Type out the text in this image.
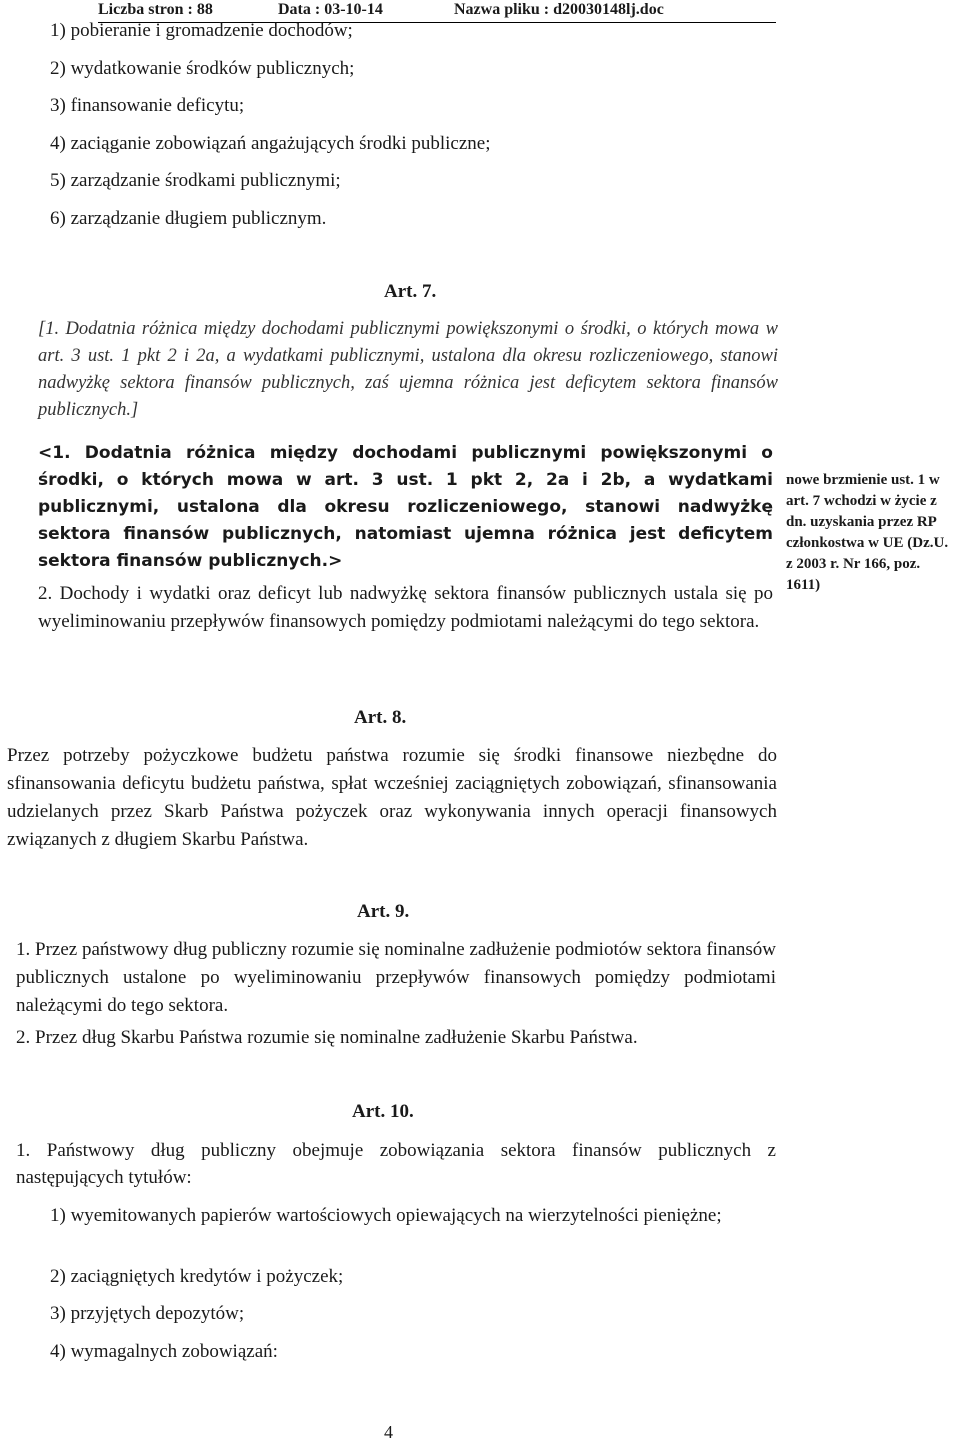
Liczba stron : 88	Data : 03-10-14	Nazwa pliku : d20030148lj.doc
1) pobieranie i gromadzenie dochodów;
2) wydatkowanie środków publicznych;
3) finansowanie deficytu;
4) zaciąganie zobowiązań angażujących środki publiczne;
5) zarządzanie środkami publicznymi;
6) zarządzanie długiem publicznym.
Art. 7.
[1. Dodatnia różnica między dochodami publicznymi powiększonymi o środki, o których mowa w art. 3 ust. 1 pkt 2 i 2a, a wydatkami publicznymi, ustalona dla okresu rozliczeniowego, stanowi nadwyżkę sektora finansów publicznych, zaś ujemna różnica jest deficytem sektora finansów publicznych.]
<1. Dodatnia różnica między dochodami publicznymi powiększonymi o środki, o których mowa w art. 3 ust. 1 pkt 2, 2a i 2b, a wydatkami publicznymi, ustalona dla okresu rozliczeniowego, stanowi nadwyżkę sektora finansów publicznych, natomiast ujemna różnica jest deficytem sektora finansów publicznych.>
2. Dochody i wydatki oraz deficyt lub nadwyżkę sektora finansów publicznych ustala się po wyeliminowaniu przepływów finansowych pomiędzy podmiotami należącymi do tego sektora.
nowe brzmienie ust. 1 w art. 7 wchodzi w życie z dn. uzyskania przez RP członkostwa w UE (Dz.U. z 2003 r. Nr 166, poz. 1611)
Art. 8.
Przez potrzeby pożyczkowe budżetu państwa rozumie się środki finansowe niezbędne do sfinansowania deficytu budżetu państwa, spłat wcześniej zaciągniętych zobowiązań, sfinansowania udzielanych przez Skarb Państwa pożyczek oraz wykonywania innych operacji finansowych związanych z długiem Skarbu Państwa.
Art. 9.
1. Przez państwowy dług publiczny rozumie się nominalne zadłużenie podmiotów sektora finansów publicznych ustalone po wyeliminowaniu przepływów finansowych pomiędzy podmiotami należącymi do tego sektora.
2. Przez dług Skarbu Państwa rozumie się nominalne zadłużenie Skarbu Państwa.
Art. 10.
1. Państwowy dług publiczny obejmuje zobowiązania sektora finansów publicznych z następujących tytułów:
1) wyemitowanych papierów wartościowych opiewających na wierzytelności pieniężne;
2) zaciągniętych kredytów i pożyczek;
3) przyjętych depozytów;
4) wymagalnych zobowiązań:
4
